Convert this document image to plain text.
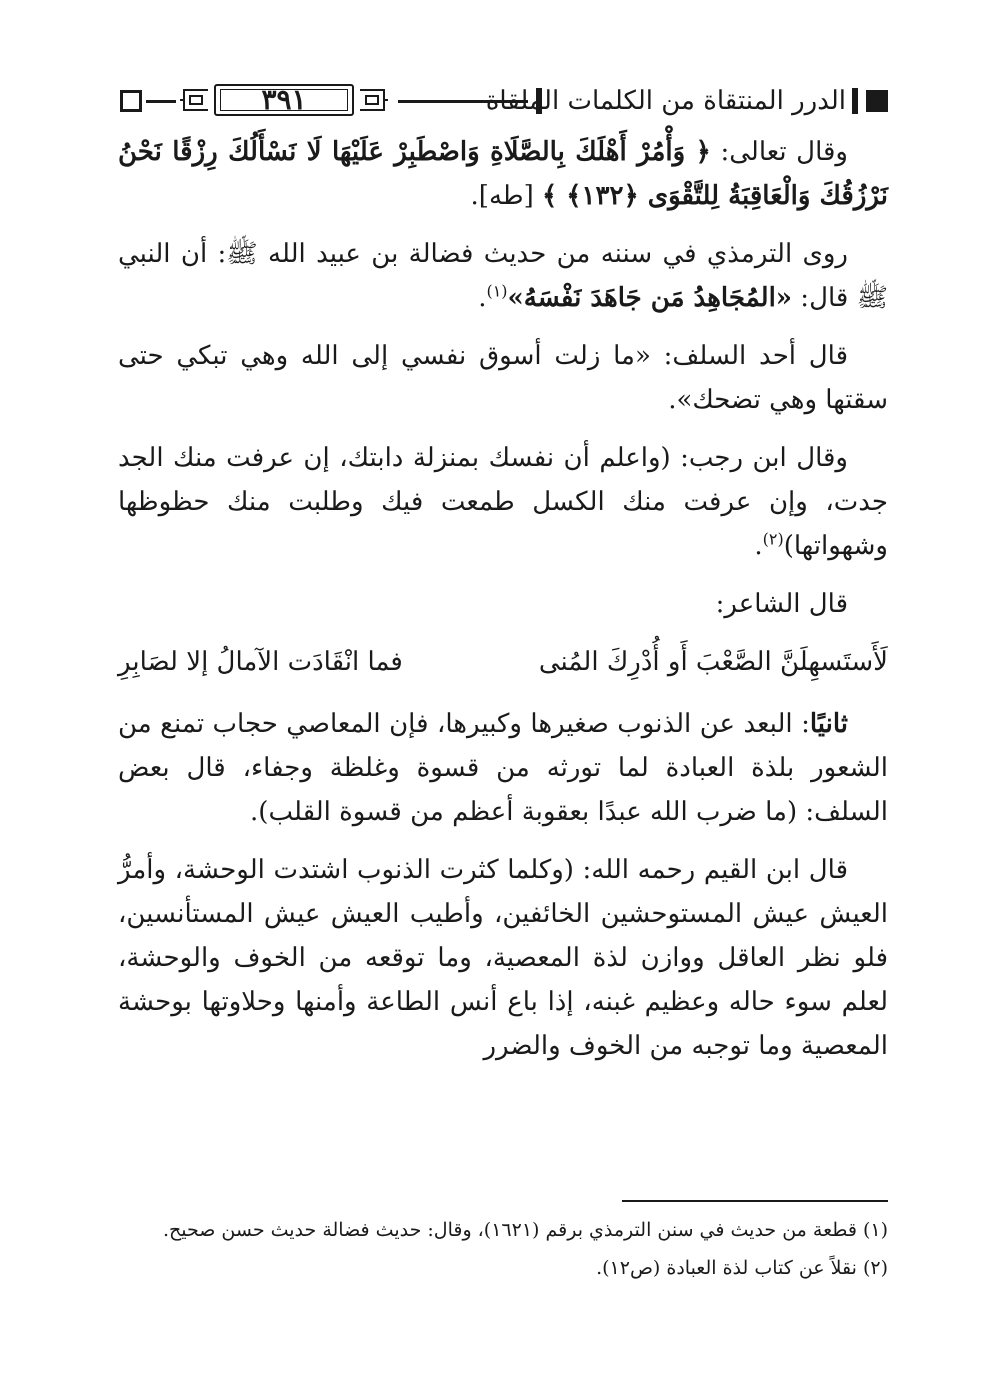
٣٩١	الدرر المنتقاة من الكلمات الملقاة

وقال تعالى: ﴿ وَأْمُرْ أَهْلَكَ بِالصَّلَاةِ وَاصْطَبِرْ عَلَيْهَا لَا نَسْأَلُكَ رِزْقًا نَحْنُ نَرْزُقُكَ وَالْعَاقِبَةُ لِلتَّقْوَى ﴿١٣٢﴾ ﴾ [طه].

روى الترمذي في سننه من حديث فضالة بن عبيد الله ﷺ: أن النبي ﷺ قال: «المُجَاهِدُ مَن جَاهَدَ نَفْسَهُ»$^{(١)}$.

قال أحد السلف: «ما زلت أسوق نفسي إلى الله وهي تبكي حتى سقتها وهي تضحك».

وقال ابن رجب: (واعلم أن نفسك بمنزلة دابتك، إن عرفت منك الجد جدت، وإن عرفت منك الكسل طمعت فيك وطلبت منك حظوظها وشهواتها)$^{(٢)}$.

قال الشاعر:

لَأَستَسهِلَنَّ الصَّعْبَ أَو أُدْرِكَ المُنى
فما انْقَادَت الآمالُ إلا لصَابِرِ

ثانيًا: البعد عن الذنوب صغيرها وكبيرها، فإن المعاصي حجاب تمنع من الشعور بلذة العبادة لما تورثه من قسوة وغلظة وجفاء، قال بعض السلف: (ما ضرب الله عبدًا بعقوبة أعظم من قسوة القلب).

قال ابن القيم رحمه الله: (وكلما كثرت الذنوب اشتدت الوحشة، وأمرُّ العيش عيش المستوحشين الخائفين، وأطيب العيش عيش المستأنسين، فلو نظر العاقل ووازن لذة المعصية، وما توقعه من الخوف والوحشة، لعلم سوء حاله وعظيم غبنه، إذا باع أنس الطاعة وأمنها وحلاوتها بوحشة المعصية وما توجبه من الخوف والضرر

(١) قطعة من حديث في سنن الترمذي برقم (١٦٢١)، وقال: حديث فضالة حديث حسن صحيح.

(٢) نقلاً عن كتاب لذة العبادة (ص١٢).
